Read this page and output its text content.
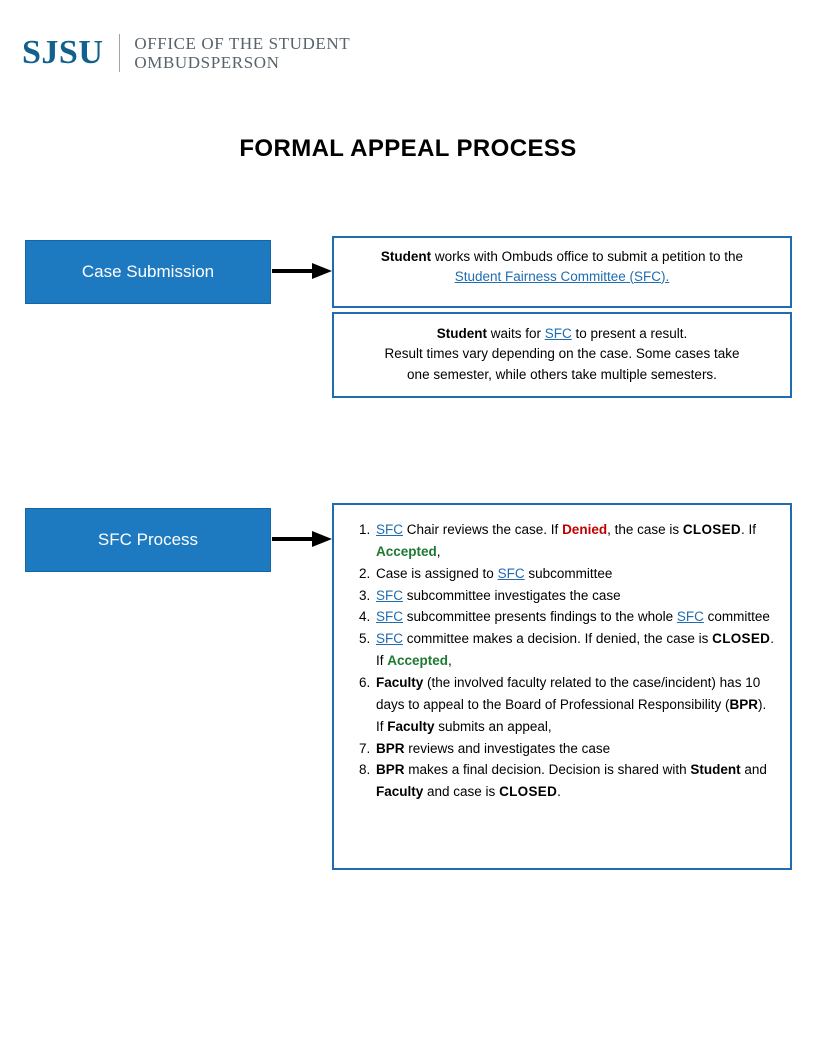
SJSU OFFICE OF THE STUDENT
OMBUDSPERSON
FORMAL APPEAL PROCESS
Case Submission
Student works with Ombuds office to submit a petition to the
Student Fairness Committee (SFC).
Student waits for SFC to present a result.
Result times vary depending on the case. Some cases take
one semester, while others take multiple semesters.
SFC Process
1. SFC Chair reviews the case. If Denied, the case is CLOSED. If Accepted,
2. Case is assigned to SFC subcommittee
3. SFC subcommittee investigates the case
4. SFC subcommittee presents findings to the whole SFC committee
5. SFC committee makes a decision. If denied, the case is CLOSED. If Accepted,
6. Faculty (the involved faculty related to the case/incident) has 10 days to appeal to the Board of Professional Responsibility (BPR). If Faculty submits an appeal,
7. BPR reviews and investigates the case
8. BPR makes a final decision. Decision is shared with Student and Faculty and case is CLOSED.
